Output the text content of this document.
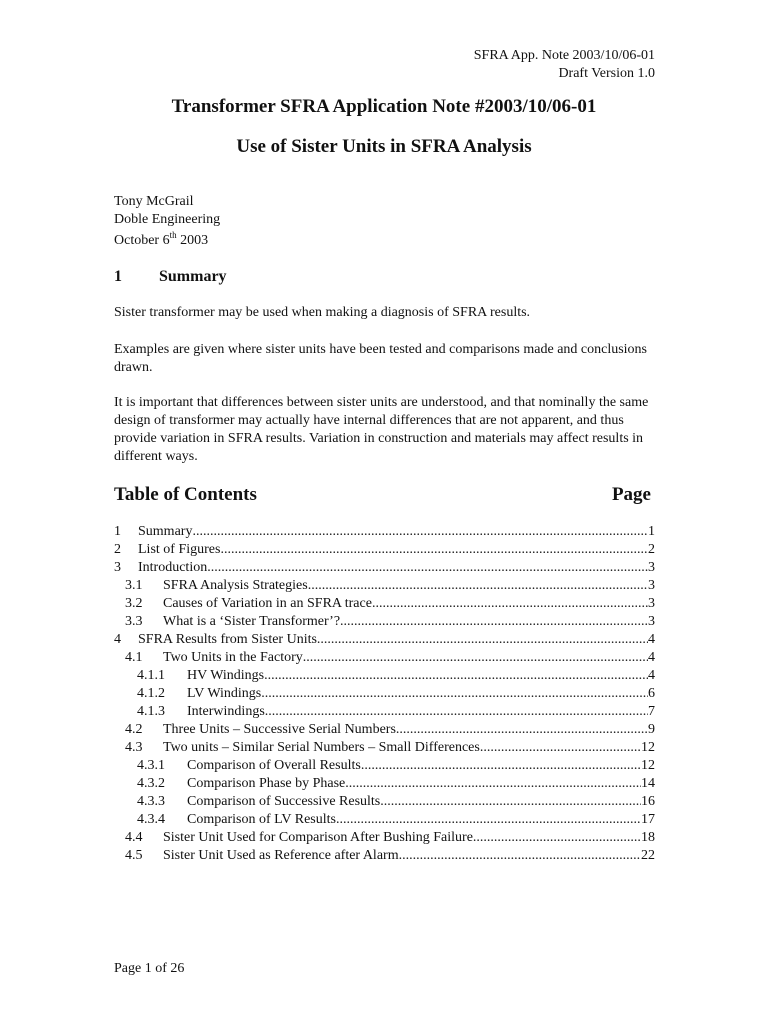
SFRA App. Note 2003/10/06-01
Draft Version 1.0
Transformer SFRA Application Note #2003/10/06-01
Use of Sister Units in SFRA Analysis
Tony McGrail
Doble Engineering
October 6th 2003
1 Summary
Sister transformer may be used when making a diagnosis of SFRA results.
Examples are given where sister units have been tested and comparisons made and conclusions drawn.
It is important that differences between sister units are understood, and that nominally the same design of transformer may actually have internal differences that are not apparent, and thus provide variation in SFRA results. Variation in construction and materials may affect results in different ways.
Table of Contents	Page
1	Summary .....	1
2	List of Figures .....	2
3	Introduction .....	3
3.1	SFRA Analysis Strategies .....	3
3.2	Causes of Variation in an SFRA trace .....	3
3.3	What is a ‘Sister Transformer’? .....	3
4	SFRA Results from Sister Units .....	4
4.1	Two Units in the Factory .....	4
4.1.1	HV Windings .....	4
4.1.2	LV Windings .....	6
4.1.3	Interwindings .....	7
4.2	Three Units – Successive Serial Numbers .....	9
4.3	Two units – Similar Serial Numbers – Small Differences .....	12
4.3.1	Comparison of Overall Results .....	12
4.3.2	Comparison Phase by Phase .....	14
4.3.3	Comparison of Successive Results .....	16
4.3.4	Comparison of LV Results .....	17
4.4	Sister Unit Used for Comparison After Bushing Failure .....	18
4.5	Sister Unit Used as Reference after Alarm .....	22
Page 1 of 26
